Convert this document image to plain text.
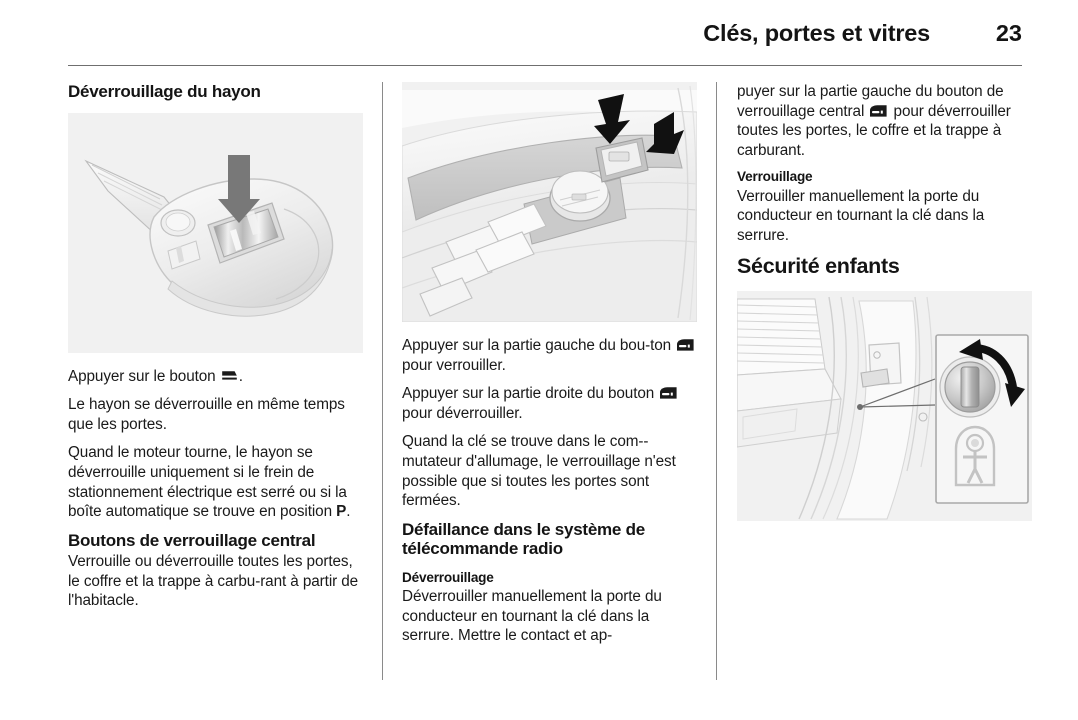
Clés, portes et vitres	23
Déverrouillage du hayon

Appuyer sur le bouton
.

Le hayon se déverrouille en même temps que les portes.

Quand le moteur tourne, le hayon se déverrouille uniquement si le frein de stationnement électrique est serré ou si la boîte automatique se trouve en position P.

Boutons de verrouillage central

Verrouille ou déverrouille toutes les portes, le coffre et la trappe à carbu-rant à partir de l'habitacle.

Appuyer sur la partie gauche du bou-ton
pour verrouiller.

Appuyer sur la partie droite du bouton
pour déverrouiller.

Quand la clé se trouve dans le com-mutateur d'allumage, le verrouillage n'est possible que si toutes les portes sont fermées.

Défaillance dans le système de télécommande radio
Déverrouillage

Déverrouiller manuellement la porte du conducteur en tournant la clé dans la serrure. Mettre le contact et ap-

puyer sur la partie gauche du bouton de verrouillage central
pour déverrouiller toutes les portes, le coffre et la trappe à carburant.

Verrouillage

Verrouiller manuellement la porte du conducteur en tournant la clé dans la serrure.

Sécurité enfants
